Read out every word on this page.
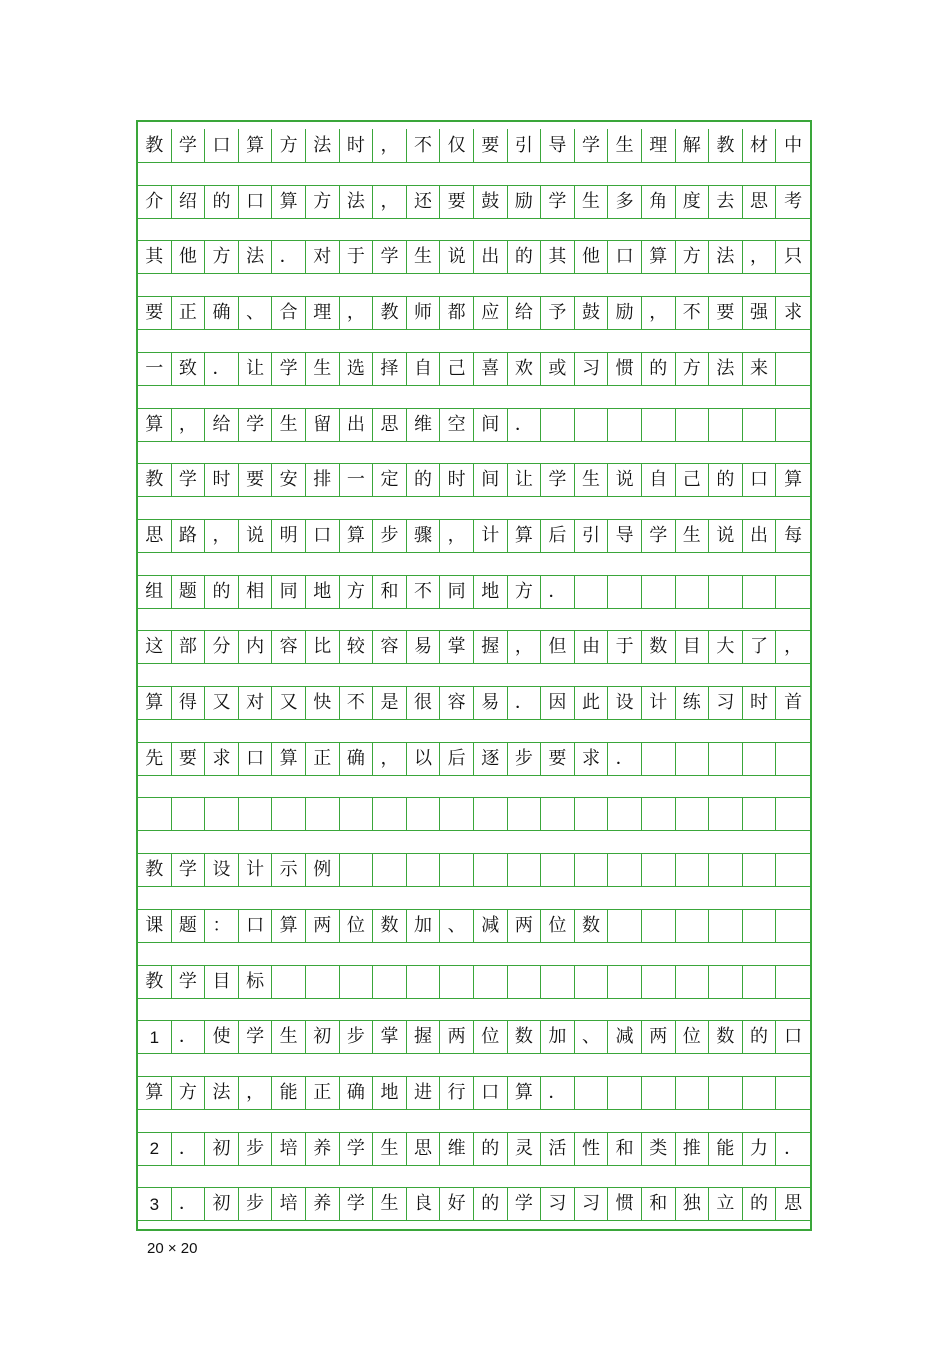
教 学 口 算 方 法 时 ， 不 仅 要 引 导 学 生 理 解 教 材 中
介 绍 的 口 算 方 法 ， 还 要 鼓 励 学 生 多 角 度 去 思 考
其 他 方 法 ． 对 于 学 生 说 出 的 其 他 口 算 方 法 ， 只
要 正 确 、 合 理 ， 教 师 都 应 给 予 鼓 励 ， 不 要 强 求
一 致 ． 让 学 生 选 择 自 己 喜 欢 或 习 惯 的 方 法 来
算 ， 给 学 生 留 出 思 维 空 间 ．
教 学 时 要 安 排 一 定 的 时 间 让 学 生 说 自 己 的 口 算
思 路 ， 说 明 口 算 步 骤 ， 计 算 后 引 导 学 生 说 出 每
组 题 的 相 同 地 方 和 不 同 地 方 ．
这 部 分 内 容 比 较 容 易 掌 握 ， 但 由 于 数 目 大 了 ，
算 得 又 对 又 快 不 是 很 容 易 ． 因 此 设 计 练 习 时 首
先 要 求 口 算 正 确 ， 以 后 逐 步 要 求 ．
教 学 设 计 示 例
课 题 ： 口 算 两 位 数 加 、 减 两 位 数
教 学 目 标
1	． 使 学 生 初 步 掌 握 两 位 数 加 、 减 两 位 数 的 口
算 方 法 ， 能 正 确 地 进 行 口 算 ．
2	． 初 步 培 养 学 生 思 维 的 灵 活 性 和 类 推 能 力 ．
3	． 初 步 培 养 学 生 良 好 的 学 习 习 惯 和 独 立 的 思
20 × 20
